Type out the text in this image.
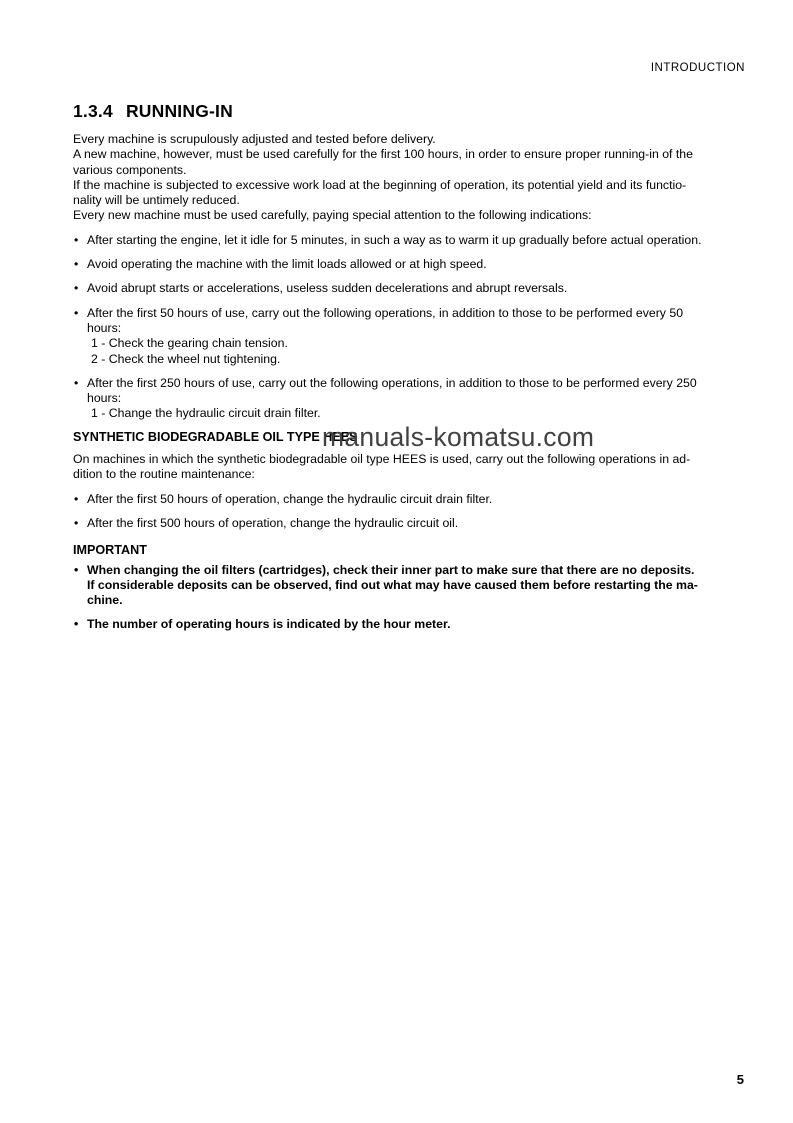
INTRODUCTION
1.3.4 RUNNING-IN
Every machine is scrupulously adjusted and tested before delivery.
A new machine, however, must be used carefully for the first 100 hours, in order to ensure proper running-in of the
various components.
If the machine is subjected to excessive work load at the beginning of operation, its potential yield and its functio-
nality will be untimely reduced.
Every new machine must be used carefully, paying special attention to the following indications:
• After starting the engine, let it idle for 5 minutes, in such a way as to warm it up gradually before actual operation.
• Avoid operating the machine with the limit loads allowed or at high speed.
• Avoid abrupt starts or accelerations, useless sudden decelerations and abrupt reversals.
• After the first 50 hours of use, carry out the following operations, in addition to those to be performed every 50
hours:
1 - Check the gearing chain tension.
2 - Check the wheel nut tightening.
• After the first 250 hours of use, carry out the following operations, in addition to those to be performed every 250
hours:
1 - Change the hydraulic circuit drain filter.
SYNTHETIC BIODEGRADABLE OIL TYPE HEES
On machines in which the synthetic biodegradable oil type HEES is used, carry out the following operations in ad-
dition to the routine maintenance:
• After the first 50 hours of operation, change the hydraulic circuit drain filter.
• After the first 500 hours of operation, change the hydraulic circuit oil.
IMPORTANT
• When changing the oil filters (cartridges), check their inner part to make sure that there are no deposits.
If considerable deposits can be observed, find out what may have caused them before restarting the ma-
chine.
• The number of operating hours is indicated by the hour meter.
manuals-komatsu.com
5
